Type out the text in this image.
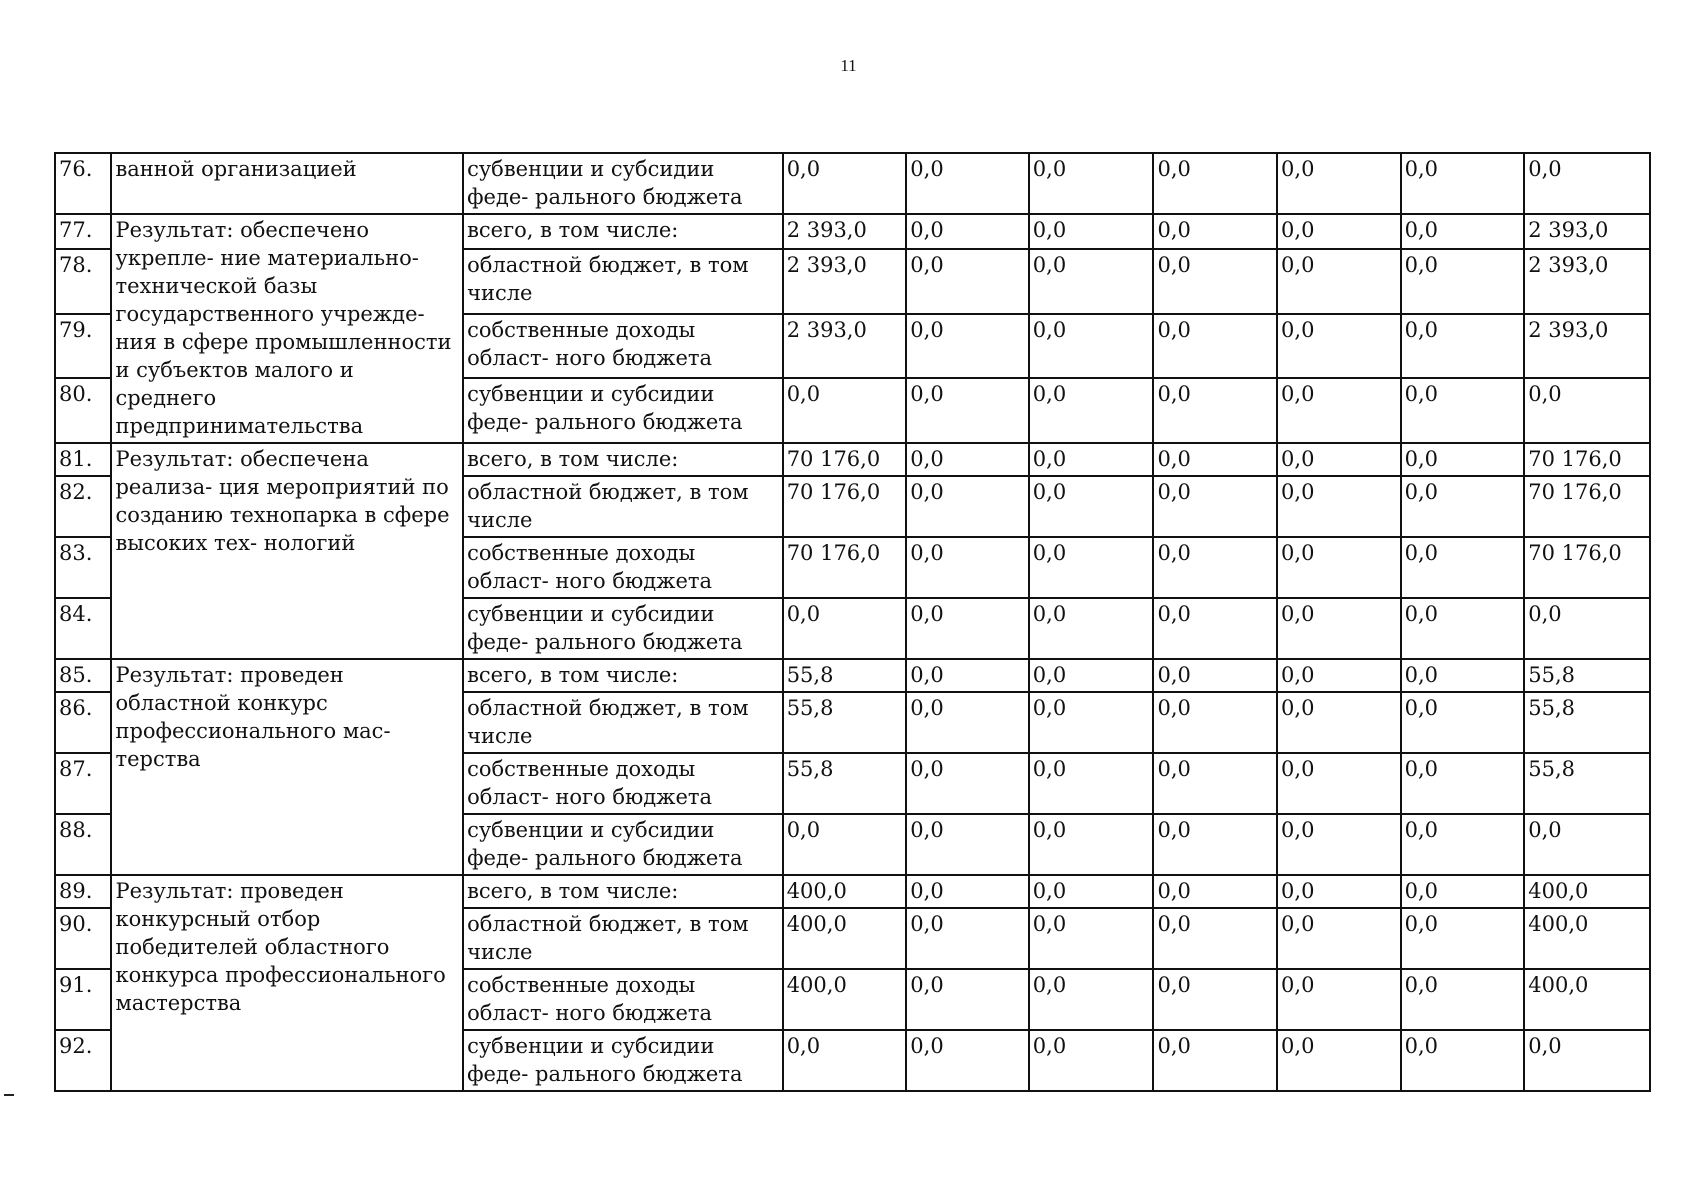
11
76.	ванной организацией	субвенции и субсидии феде- рального бюджета	0,0	0,0	0,0	0,0	0,0	0,0	0,0
77.	Результат: обеспечено укрепле- ние материально-технической базы государственного учрежде- ния в сфере промышленности и субъектов малого и среднего предпринимательства	всего, в том числе:	2 393,0	0,0	0,0	0,0	0,0	0,0	2 393,0
78.		областной бюджет, в том числе	2 393,0	0,0	0,0	0,0	0,0	0,0	2 393,0
79.		собственные доходы област- ного бюджета	2 393,0	0,0	0,0	0,0	0,0	0,0	2 393,0
80.		субвенции и субсидии феде- рального бюджета	0,0	0,0	0,0	0,0	0,0	0,0	0,0
81.	Результат: обеспечена реализа- ция мероприятий по созданию технопарка в сфере высоких тех- нологий	всего, в том числе:	70 176,0	0,0	0,0	0,0	0,0	0,0	70 176,0
82.		областной бюджет, в том числе	70 176,0	0,0	0,0	0,0	0,0	0,0	70 176,0
83.		собственные доходы област- ного бюджета	70 176,0	0,0	0,0	0,0	0,0	0,0	70 176,0
84.		субвенции и субсидии феде- рального бюджета	0,0	0,0	0,0	0,0	0,0	0,0	0,0
85.	Результат: проведен областной конкурс профессионального мас- терства	всего, в том числе:	55,8	0,0	0,0	0,0	0,0	0,0	55,8
86.		областной бюджет, в том числе	55,8	0,0	0,0	0,0	0,0	0,0	55,8
87.		собственные доходы област- ного бюджета	55,8	0,0	0,0	0,0	0,0	0,0	55,8
88.		субвенции и субсидии феде- рального бюджета	0,0	0,0	0,0	0,0	0,0	0,0	0,0
89.	Результат: проведен конкурсный отбор победителей областного конкурса профессионального мастерства	всего, в том числе:	400,0	0,0	0,0	0,0	0,0	0,0	400,0
90.		областной бюджет, в том числе	400,0	0,0	0,0	0,0	0,0	0,0	400,0
91.		собственные доходы област- ного бюджета	400,0	0,0	0,0	0,0	0,0	0,0	400,0
92.		субвенции и субсидии феде- рального бюджета	0,0	0,0	0,0	0,0	0,0	0,0	0,0
